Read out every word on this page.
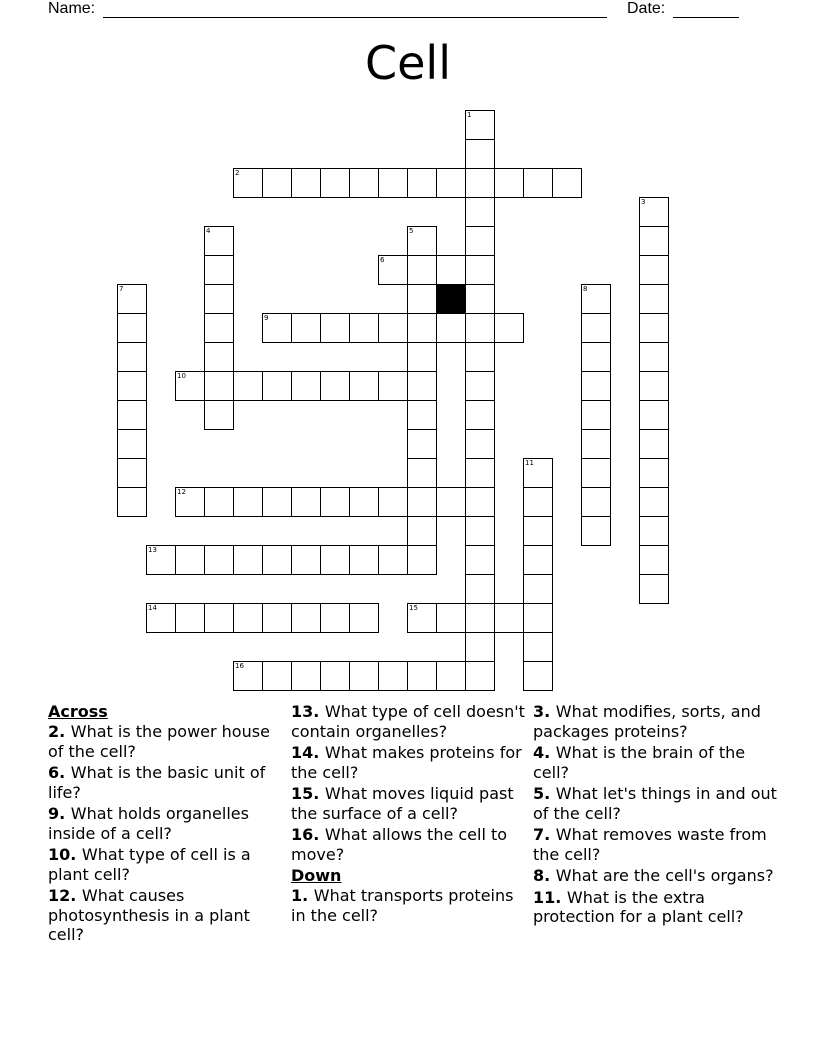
Name:	Date:
Cell
1
2
3
4	5
6
7	8
9
10
11
12
13
14	15
16
Across
2. What is the power house of the cell?
6. What is the basic unit of life?
9. What holds organelles inside of a cell?
10. What type of cell is a plant cell?
12. What causes photosynthesis in a plant cell?
13. What type of cell doesn't contain organelles?
14. What makes proteins for the cell?
15. What moves liquid past the surface of a cell?
16. What allows the cell to move?
Down
1. What transports proteins in the cell?
3. What modifies, sorts, and packages proteins?
4. What is the brain of the cell?
5. What let's things in and out of the cell?
7. What removes waste from the cell?
8. What are the cell's organs?
11. What is the extra protection for a plant cell?
